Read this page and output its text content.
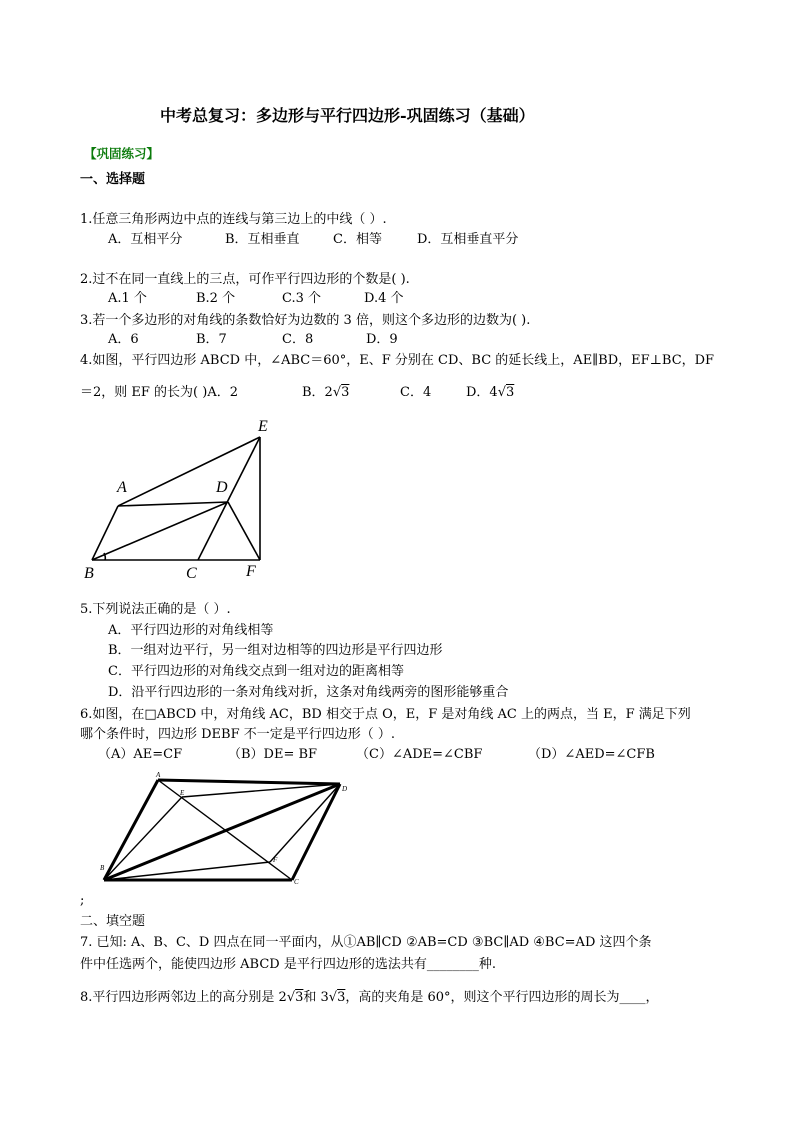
中考总复习：多边形与平行四边形-巩固练习（基础）
【巩固练习】
一、选择题
1.任意三角形两边中点的连线与第三边上的中线（ ）.
A．互相平分	B．互相垂直	C．相等	D．互相垂直平分
2.过不在同一直线上的三点，可作平行四边形的个数是( ).
A.1 个	B.2 个	C.3 个	D.4 个
3.若一个多边形的对角线的条数恰好为边数的 3 倍，则这个多边形的边数为( ).
A．6	B．7	C．8	D．9
4.如图，平行四边形 ABCD 中，∠ABC＝60°，E、F 分别在 CD、BC 的延长线上，AE∥BD，EF⊥BC，DF
＝2，则 EF 的长为( )A．2	B．2√3	C．4	D．4√3
E
A	D
B	C	F
5.下列说法正确的是（ ）.
A．平行四边形的对角线相等
B．一组对边平行，另一组对边相等的四边形是平行四边形
C．平行四边形的对角线交点到一组对边的距离相等
D．沿平行四边形的一条对角线对折，这条对角线两旁的图形能够重合
6.如图，在□ABCD 中，对角线 AC，BD 相交于点 O，E，F 是对角线 AC 上的两点，当 E，F 满足下列
哪个条件时，四边形 DEBF 不一定是平行四边形（ ）.
（A）AE=CF	（B）DE= BF	（C）∠ADE=∠CBF	（D）∠AED=∠CFB
A
E	D
B
F
C
;
二、填空题
7. 已知: A、B、C、D 四点在同一平面内，从①AB∥CD ②AB=CD ③BC∥AD ④BC=AD 这四个条
件中任选两个，能使四边形 ABCD 是平行四边形的选法共有________种.
8.平行四边形两邻边上的高分别是 2√3和 3√3，高的夹角是 60°，则这个平行四边形的周长为____，
